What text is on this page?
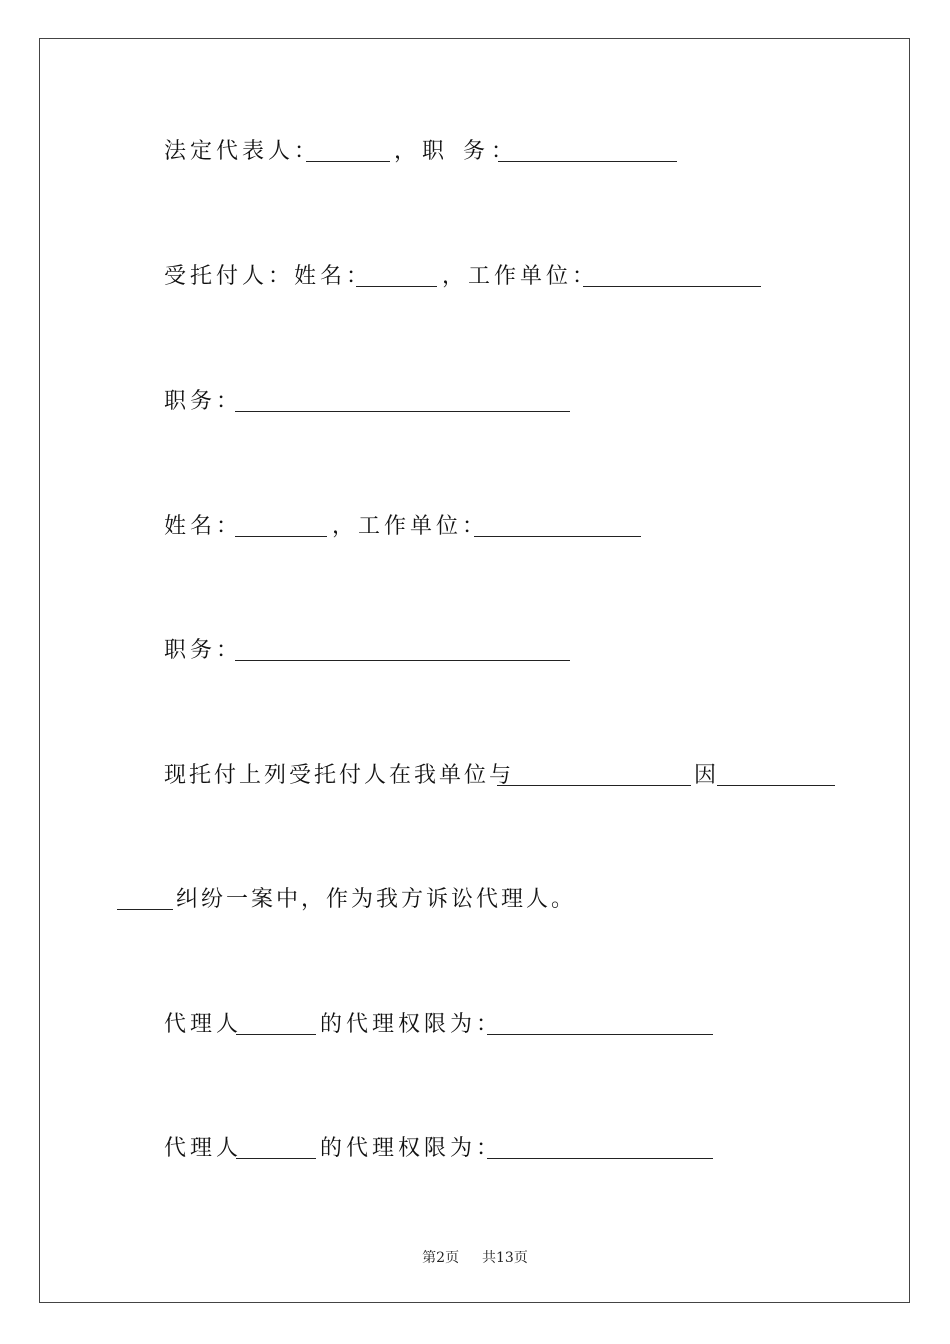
法定代表人：	，职 务：
受托付人：姓名：	，工作单位：
职务：
姓名：	，工作单位：
职务：
现托付上列受托付人在我单位与	因
纠纷一案中，作为我方诉讼代理人。
代理人	的代理权限为：
代理人	的代理权限为：
第2页 共13页
